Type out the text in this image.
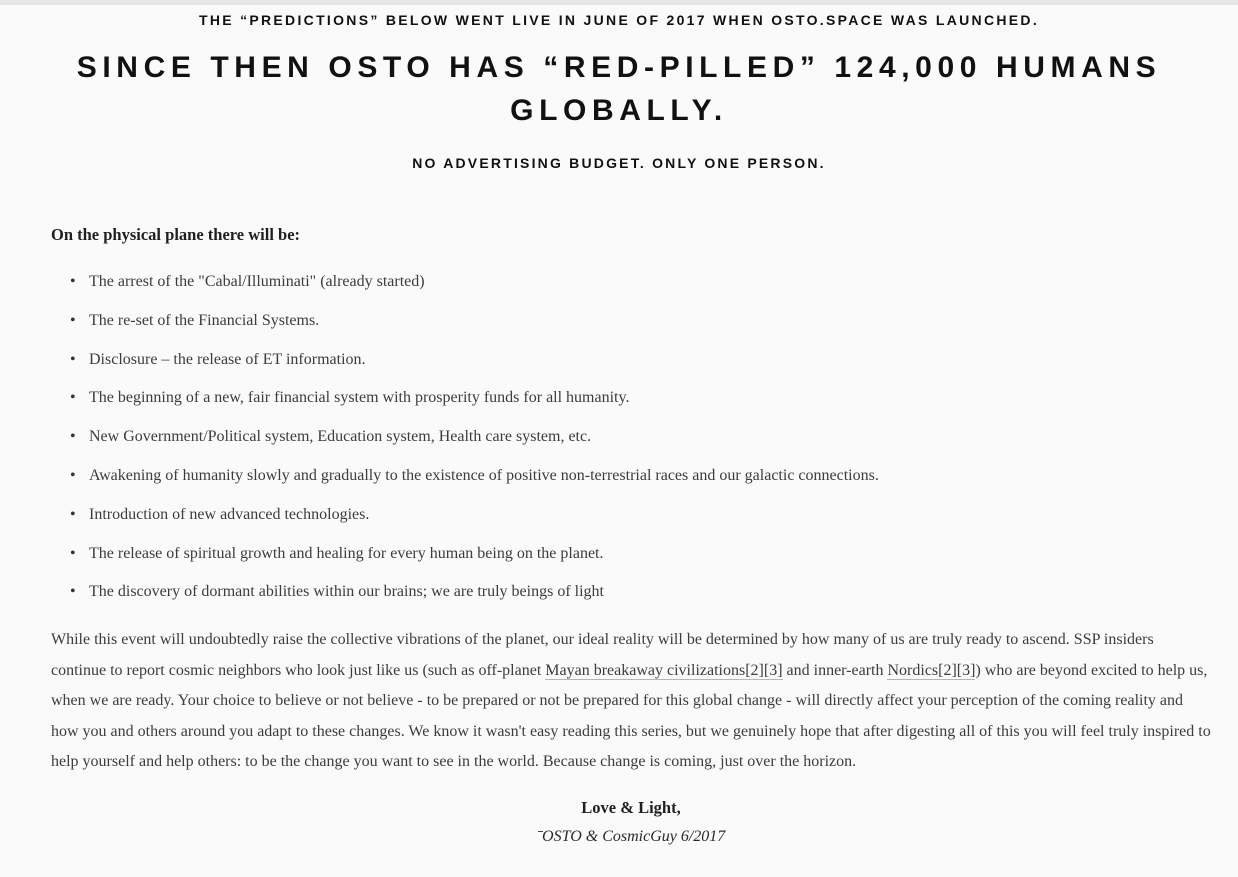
THE “PREDICTIONS” BELOW WENT LIVE IN JUNE OF 2017 WHEN OSTO.SPACE WAS LAUNCHED.
SINCE THEN OSTO HAS “RED-PILLED” 124,000 HUMANS GLOBALLY.
NO ADVERTISING BUDGET. ONLY ONE PERSON.
On the physical plane there will be:
• The arrest of the "Cabal/Illuminati" (already started)
• The re-set of the Financial Systems.
• Disclosure – the release of ET information.
• The beginning of a new, fair financial system with prosperity funds for all humanity.
• New Government/Political system, Education system, Health care system, etc.
• Awakening of humanity slowly and gradually to the existence of positive non-terrestrial races and our galactic connections.
• Introduction of new advanced technologies.
• The release of spiritual growth and healing for every human being on the planet.
• The discovery of dormant abilities within our brains; we are truly beings of light

While this event will undoubtedly raise the collective vibrations of the planet, our ideal reality will be determined by how many of us are truly ready to ascend. SSP insiders continue to report cosmic neighbors who look just like us (such as off-planet Mayan breakaway civilizations[2][3] and inner-earth Nordics[2][3]) who are beyond excited to help us, when we are ready. Your choice to believe or not believe - to be prepared or not be prepared for this global change - will directly affect your perception of the coming reality and how you and others around you adapt to these changes. We know it wasn't easy reading this series, but we genuinely hope that after digesting all of this you will feel truly inspired to help yourself and help others: to be the change you want to see in the world. Because change is coming, just over the horizon.

Love & Light,
ˉOSTO & CosmicGuy 6/2017
